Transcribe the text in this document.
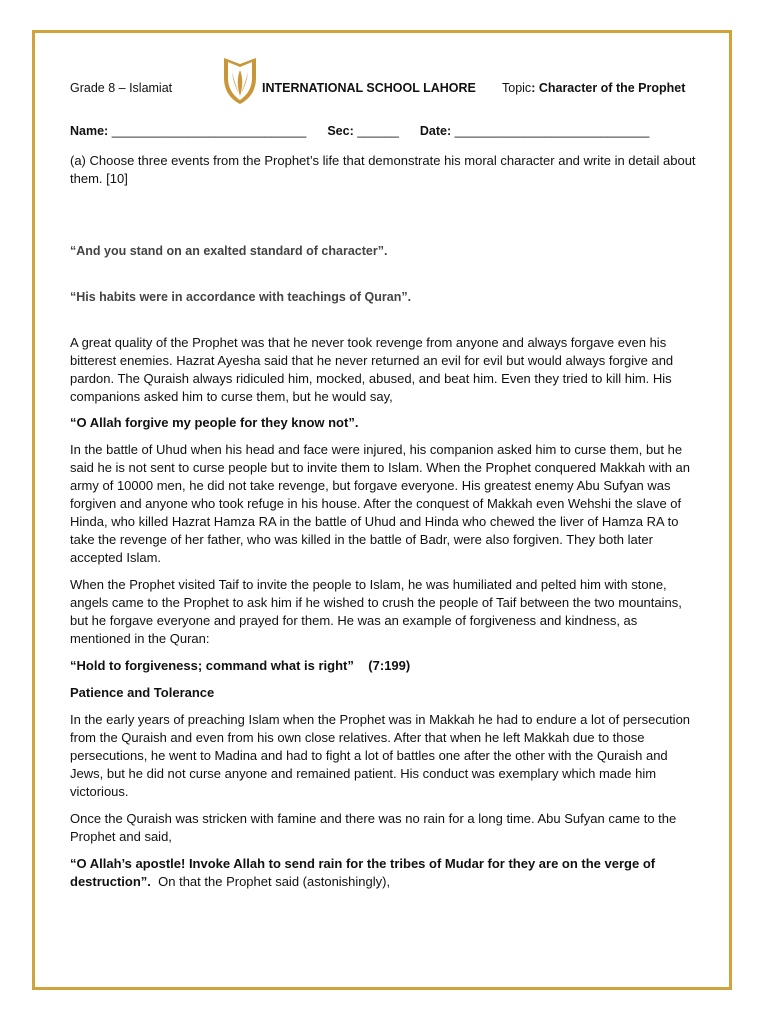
Grade 8 – Islamiat	INTERNATIONAL SCHOOL LAHORE Topic: Character of the Prophet
Name: ____________________________ Sec: ______ Date: ____________________________

(a) Choose three events from the Prophet’s life that demonstrate his moral character and write in detail about them. [10]

“And you stand on an exalted standard of character”.

“His habits were in accordance with teachings of Quran”.

A great quality of the Prophet was that he never took revenge from anyone and always forgave even his bitterest enemies. Hazrat Ayesha said that he never returned an evil for evil but would always forgive and pardon. The Quraish always ridiculed him, mocked, abused, and beat him. Even they tried to kill him. His companions asked him to curse them, but he would say,

“O Allah forgive my people for they know not”.

In the battle of Uhud when his head and face were injured, his companion asked him to curse them, but he said he is not sent to curse people but to invite them to Islam. When the Prophet conquered Makkah with an army of 10000 men, he did not take revenge, but forgave everyone. His greatest enemy Abu Sufyan was forgiven and anyone who took refuge in his house. After the conquest of Makkah even Wehshi the slave of Hinda, who killed Hazrat Hamza RA in the battle of Uhud and Hinda who chewed the liver of Hamza RA to take the revenge of her father, who was killed in the battle of Badr, were also forgiven. They both later accepted Islam.

When the Prophet visited Taif to invite the people to Islam, he was humiliated and pelted him with stone, angels came to the Prophet to ask him if he wished to crush the people of Taif between the two mountains, but he forgave everyone and prayed for them. He was an example of forgiveness and kindness, as mentioned in the Quran:

“Hold to forgiveness; command what is right”    (7:199)

Patience and Tolerance

In the early years of preaching Islam when the Prophet was in Makkah he had to endure a lot of persecution from the Quraish and even from his own close relatives. After that when he left Makkah due to those persecutions, he went to Madina and had to fight a lot of battles one after the other with the Quraish and Jews, but he did not curse anyone and remained patient. His conduct was exemplary which made him victorious.

Once the Quraish was stricken with famine and there was no rain for a long time. Abu Sufyan came to the Prophet and said,

“O Allah’s apostle! Invoke Allah to send rain for the tribes of Mudar for they are on the verge of destruction”.  On that the Prophet said (astonishingly),
